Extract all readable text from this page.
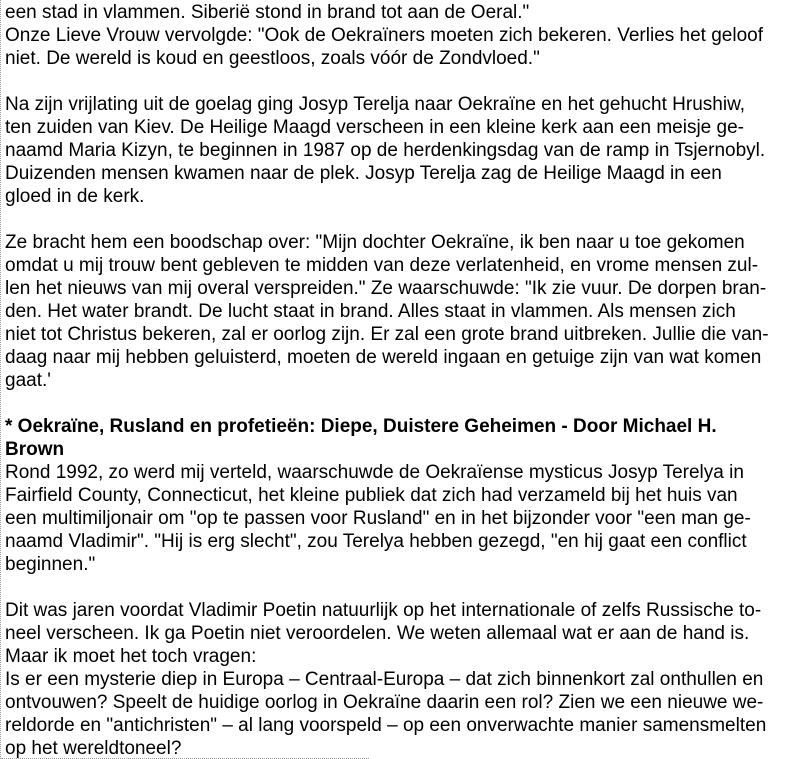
een stad in vlammen. Siberië stond in brand tot aan de Oeral."
Onze Lieve Vrouw vervolgde: "Ook de Oekraïners moeten zich bekeren. Verlies het geloof
niet. De wereld is koud en geestloos, zoals vóór de Zondvloed."

Na zijn vrijlating uit de goelag ging Josyp Terelja naar Oekraïne en het gehucht Hrushiw,
ten zuiden van Kiev. De Heilige Maagd verscheen in een kleine kerk aan een meisje ge-
naamd Maria Kizyn, te beginnen in 1987 op de herdenkingsdag van de ramp in Tsjernobyl.
Duizenden mensen kwamen naar de plek. Josyp Terelja zag de Heilige Maagd in een
gloed in de kerk.

Ze bracht hem een boodschap over: "Mijn dochter Oekraïne, ik ben naar u toe gekomen
omdat u mij trouw bent gebleven te midden van deze verlatenheid, en vrome mensen zul-
len het nieuws van mij overal verspreiden." Ze waarschuwde: "Ik zie vuur. De dorpen bran-
den. Het water brandt. De lucht staat in brand. Alles staat in vlammen. Als mensen zich
niet tot Christus bekeren, zal er oorlog zijn. Er zal een grote brand uitbreken. Jullie die van-
daag naar mij hebben geluisterd, moeten de wereld ingaan en getuige zijn van wat komen
gaat.'

* Oekraïne, Rusland en profetieën: Diepe, Duistere Geheimen - Door Michael H.
Brown
Rond 1992, zo werd mij verteld, waarschuwde de Oekraïense mysticus Josyp Terelya in
Fairfield County, Connecticut, het kleine publiek dat zich had verzameld bij het huis van
een multimiljonair om "op te passen voor Rusland" en in het bijzonder voor "een man ge-
naamd Vladimir". "Hij is erg slecht", zou Terelya hebben gezegd, "en hij gaat een conflict
beginnen."

Dit was jaren voordat Vladimir Poetin natuurlijk op het internationale of zelfs Russische to-
neel verscheen. Ik ga Poetin niet veroordelen. We weten allemaal wat er aan de hand is.
Maar ik moet het toch vragen:
Is er een mysterie diep in Europa – Centraal-Europa – dat zich binnenkort zal onthullen en
ontvouwen? Speelt de huidige oorlog in Oekraïne daarin een rol? Zien we een nieuwe we-
reldorde en "antichristen" – al lang voorspeld – op een onverwachte manier samensmelten
op het wereldtoneel?
